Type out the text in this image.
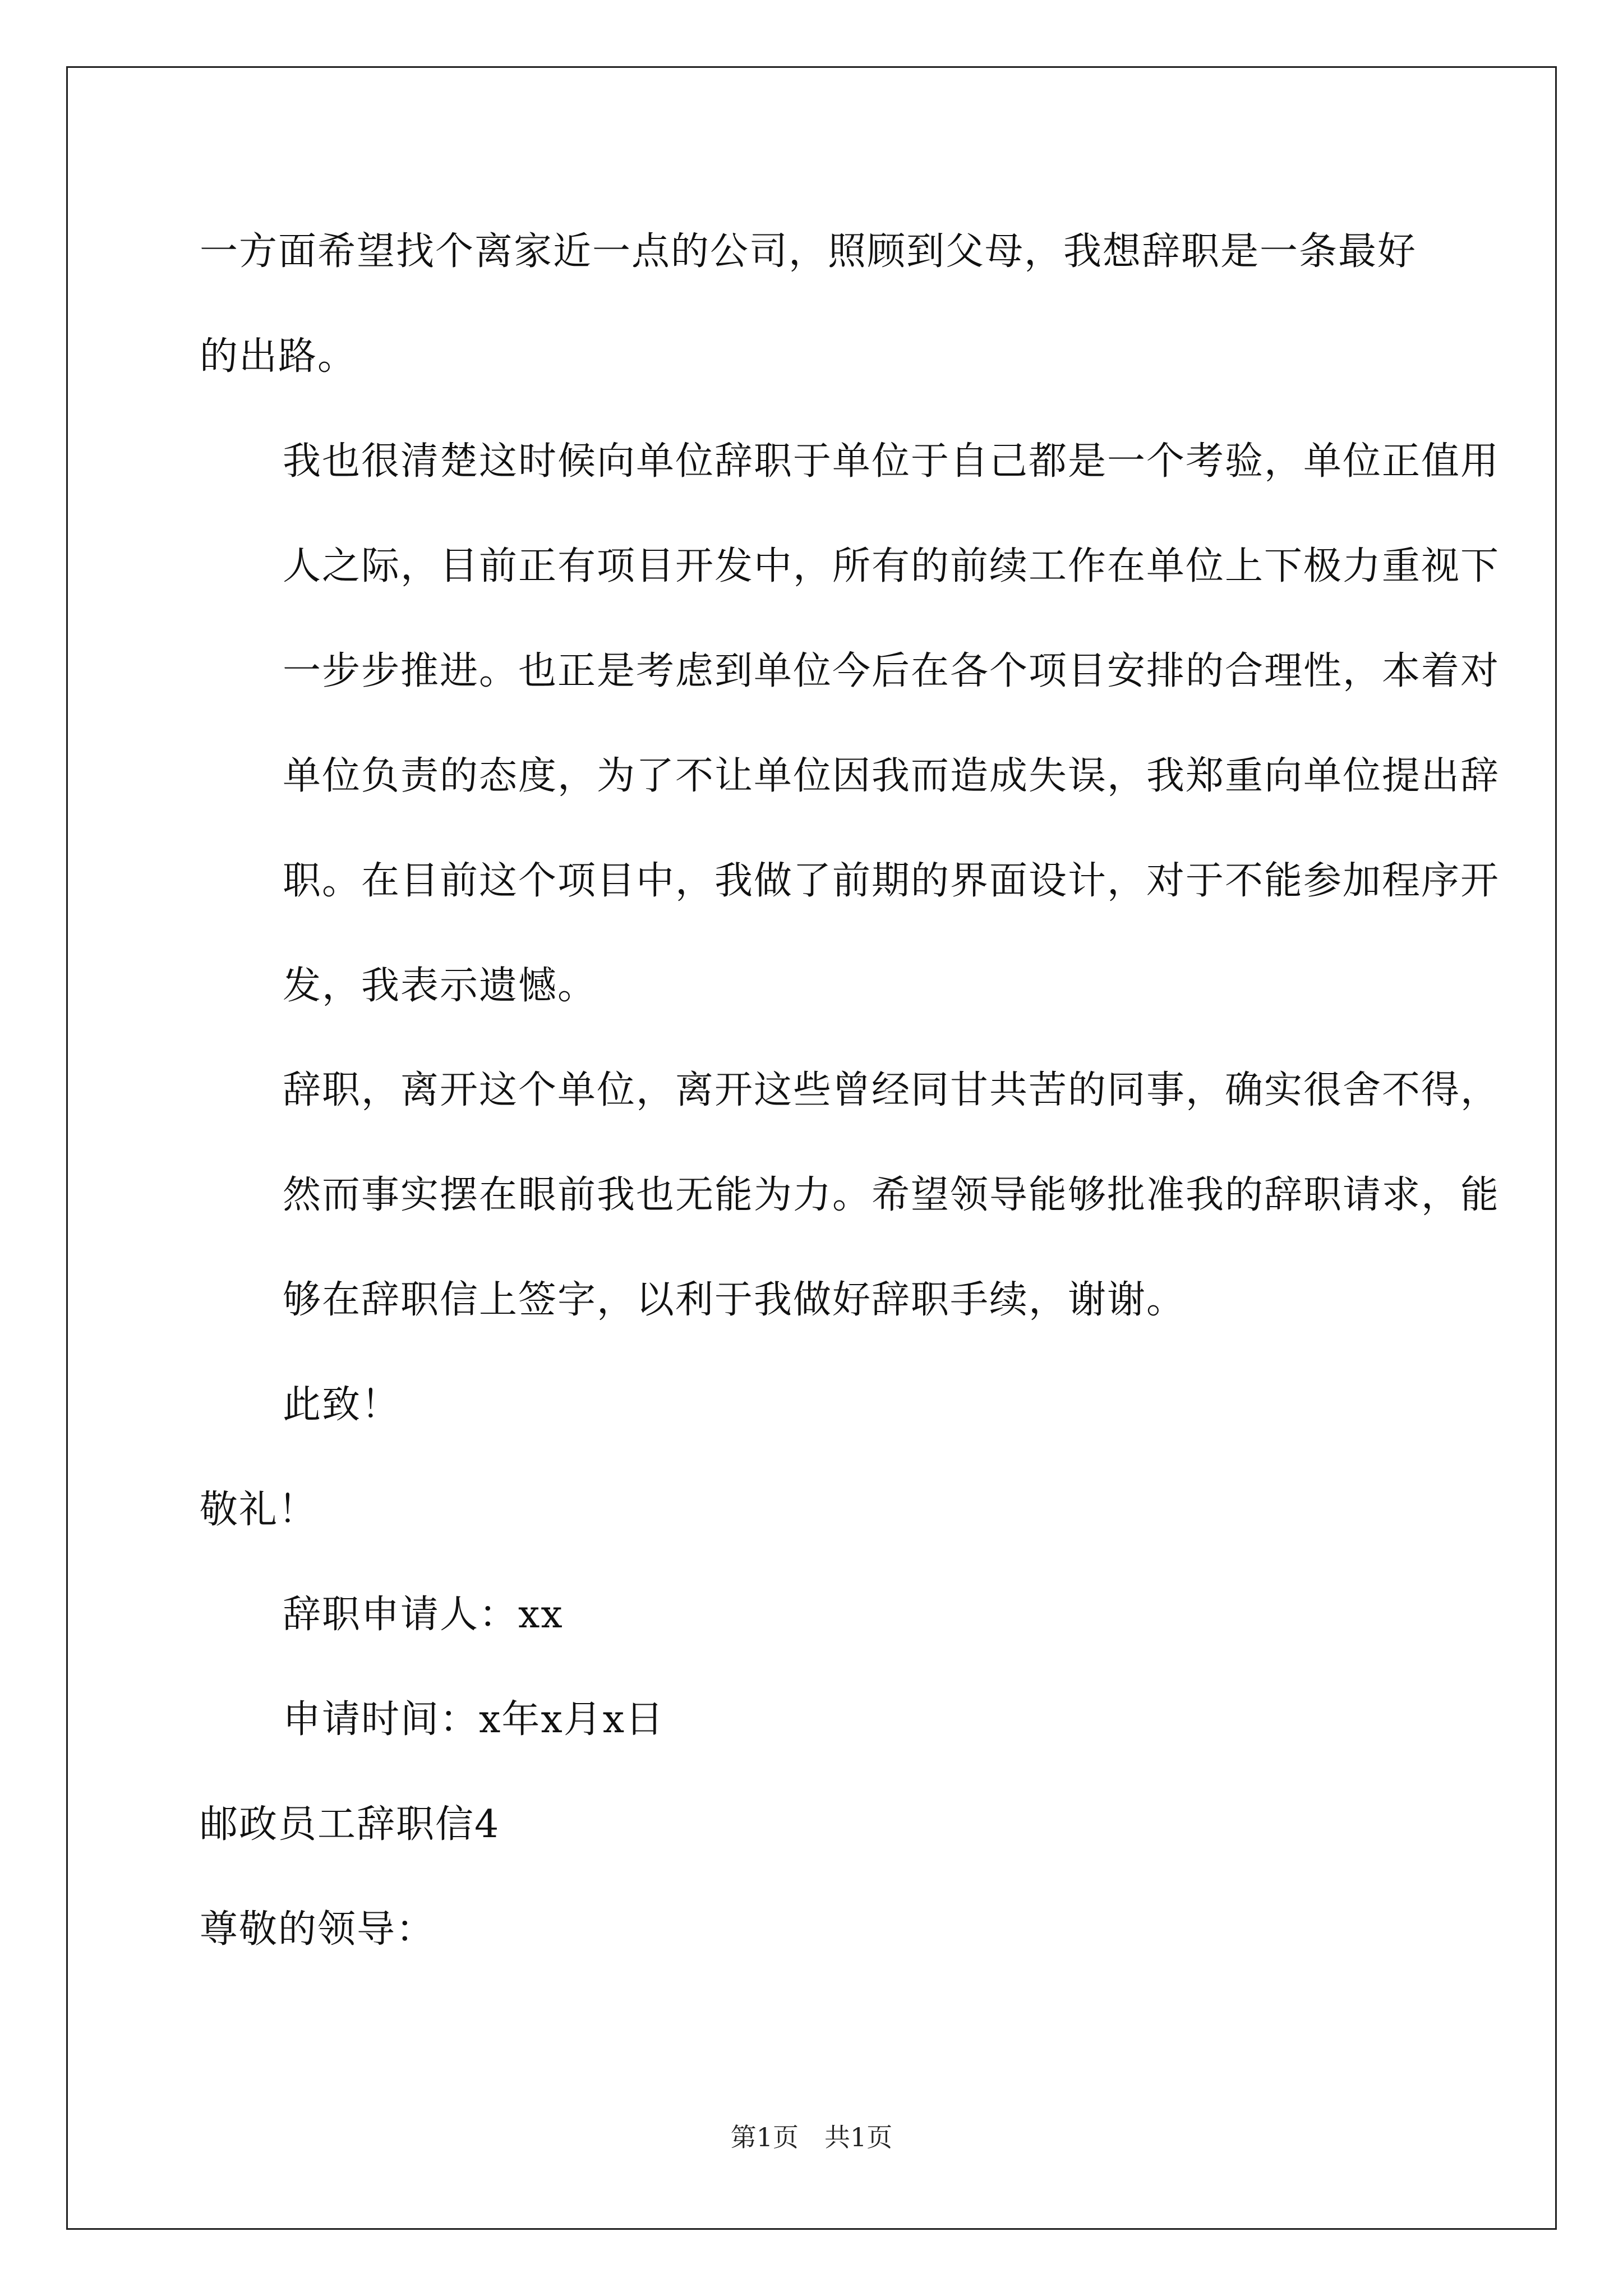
一方面希望找个离家近一点的公司，照顾到父母，我想辞职是一条最好的出路。

我也很清楚这时候向单位辞职于单位于自己都是一个考验，单位正值用人之际，目前正有项目开发中，所有的前续工作在单位上下极力重视下一步步推进。也正是考虑到单位今后在各个项目安排的合理性，本着对单位负责的态度，为了不让单位因我而造成失误，我郑重向单位提出辞职。在目前这个项目中，我做了前期的界面设计，对于不能参加程序开发，我表示遗憾。

辞职，离开这个单位，离开这些曾经同甘共苦的同事，确实很舍不得，然而事实摆在眼前我也无能为力。希望领导能够批准我的辞职请求，能够在辞职信上签字，以利于我做好辞职手续，谢谢。

此致！

敬礼！

辞职申请人：xx

申请时间：x年x月x日

邮政员工辞职信4

尊敬的领导：

第1页　共1页
